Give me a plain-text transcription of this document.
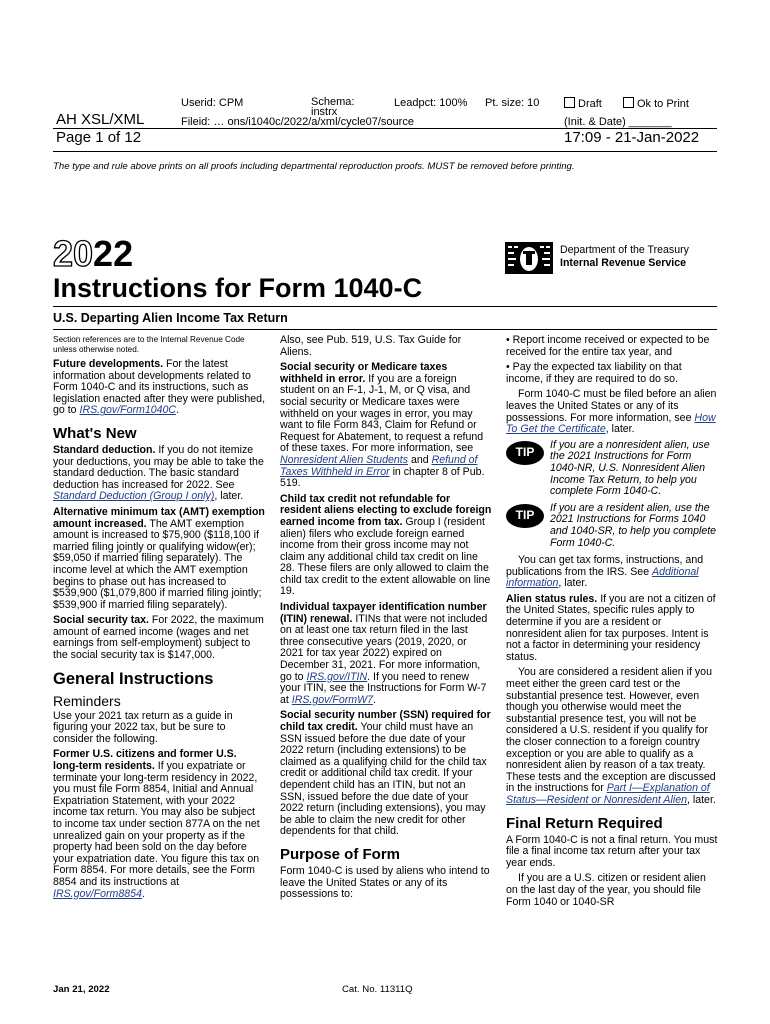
Userid: CPM	Schema:
instrx
Leadpct: 100% Pt. size: 10	Draft	Ok to Print
AH XSL/XML	Fileid: … ons/i1040c/2022/a/xml/cycle07/source	(Init. & Date) _______
Page 1 of 12	17:09 - 21-Jan-2022
The type and rule above prints on all proofs including departmental reproduction proofs. MUST be removed before printing.
2022	Department of the Treasury
Internal Revenue Service
Instructions for Form 1040-C
U.S. Departing Alien Income Tax Return

Section references are to the Internal Revenue Code unless otherwise noted.

Future developments. For the latest information about developments related to Form 1040-C and its instructions, such as legislation enacted after they were published, go to IRS.gov/Form1040C.

What's New

Standard deduction. If you do not itemize your deductions, you may be able to take the standard deduction. The basic standard deduction has increased for 2022. See Standard Deduction (Group I only), later.

Alternative minimum tax (AMT) exemption amount increased. The AMT exemption amount is increased to $75,900 ($118,100 if married filing jointly or qualifying widow(er); $59,050 if married filing separately). The income level at which the AMT exemption begins to phase out has increased to $539,900 ($1,079,800 if married filing jointly; $539,900 if married filing separately).

Social security tax. For 2022, the maximum amount of earned income (wages and net earnings from self-employment) subject to the social security tax is $147,000.

General Instructions
Reminders

Use your 2021 tax return as a guide in figuring your 2022 tax, but be sure to consider the following.

Former U.S. citizens and former U.S. long-term residents. If you expatriate or terminate your long-term residency in 2022, you must file Form 8854, Initial and Annual Expatriation Statement, with your 2022 income tax return. You may also be subject to income tax under section 877A on the net unrealized gain on your property as if the property had been sold on the day before your expatriation date. You figure this tax on Form 8854. For more details, see the Form 8854 and its instructions at IRS.gov/Form8854.

Also, see Pub. 519, U.S. Tax Guide for Aliens.

Social security or Medicare taxes withheld in error. If you are a foreign student on an F-1, J-1, M, or Q visa, and social security or Medicare taxes were withheld on your wages in error, you may want to file Form 843, Claim for Refund or Request for Abatement, to request a refund of these taxes. For more information, see Nonresident Alien Students and Refund of Taxes Withheld in Error in chapter 8 of Pub. 519.

Child tax credit not refundable for resident aliens electing to exclude foreign earned income from tax. Group I (resident alien) filers who exclude foreign earned income from their gross income may not claim any additional child tax credit on line 28. These filers are only allowed to claim the child tax credit to the extent allowable on line 19.

Individual taxpayer identification number (ITIN) renewal. ITINs that were not included on at least one tax return filed in the last three consecutive years (2019, 2020, or 2021 for tax year 2022) expired on December 31, 2021. For more information, go to IRS.gov/ITIN. If you need to renew your ITIN, see the Instructions for Form W-7 at IRS.gov/FormW7.

Social security number (SSN) required for child tax credit. Your child must have an SSN issued before the due date of your 2022 return (including extensions) to be claimed as a qualifying child for the child tax credit or additional child tax credit. If your dependent child has an ITIN, but not an SSN, issued before the due date of your 2022 return (including extensions), you may be able to claim the new credit for other dependents for that child.

Purpose of Form

Form 1040-C is used by aliens who intend to leave the United States or any of its possessions to:

• Report income received or expected to be received for the entire tax year, and

• Pay the expected tax liability on that income, if they are required to do so.

Form 1040-C must be filed before an alien leaves the United States or any of its possessions. For more information, see How To Get the Certificate, later.

TIP
If you are a nonresident alien, use the 2021 Instructions for Form 1040-NR, U.S. Nonresident Alien Income Tax Return, to help you complete Form 1040-C.
TIP
If you are a resident alien, use the 2021 Instructions for Forms 1040 and 1040-SR, to help you complete Form 1040-C.

You can get tax forms, instructions, and publications from the IRS. See Additional information, later.

Alien status rules. If you are not a citizen of the United States, specific rules apply to determine if you are a resident or nonresident alien for tax purposes. Intent is not a factor in determining your residency status.

You are considered a resident alien if you meet either the green card test or the substantial presence test. However, even though you otherwise would meet the substantial presence test, you will not be considered a U.S. resident if you qualify for the closer connection to a foreign country exception or you are able to qualify as a nonresident alien by reason of a tax treaty. These tests and the exception are discussed in the instructions for Part I—Explanation of Status—Resident or Nonresident Alien, later.

Final Return Required

A Form 1040-C is not a final return. You must file a final income tax return after your tax year ends.

If you are a U.S. citizen or resident alien on the last day of the year, you should file Form 1040 or 1040-SR

Jan 21, 2022	Cat. No. 11311Q
